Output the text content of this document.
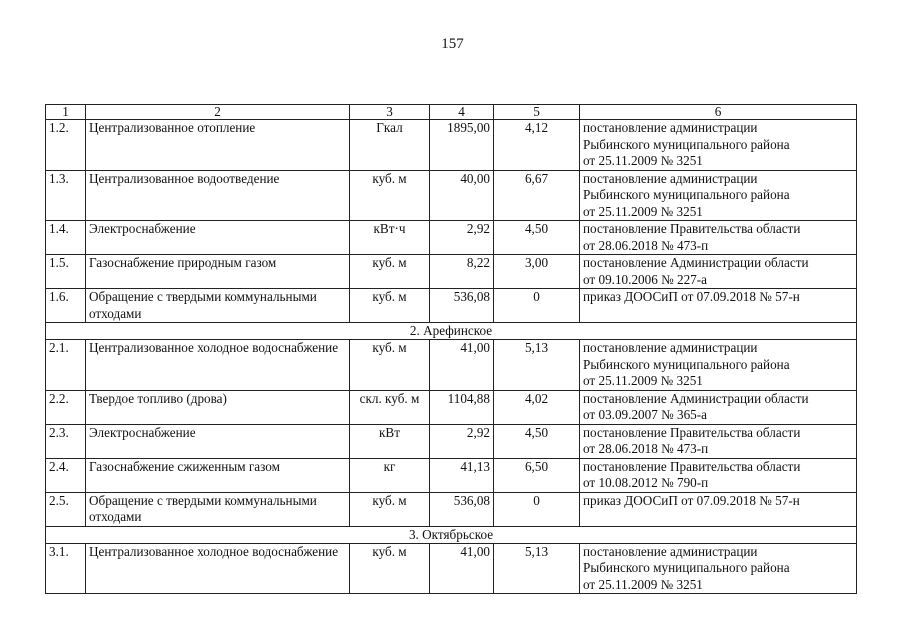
157
1	2	3	4	5	6
1.2.	Централизованное отопление	Гкал	1895,00	4,12	постановление администрации
Рыбинского муниципального района
от 25.11.2009 № 3251

1.3.	Централизованное водоотведение	куб. м	40,00	6,67	постановление администрации
Рыбинского муниципального района
от 25.11.2009 № 3251

1.4.	Электроснабжение	кВт·ч	2,92	4,50	постановление Правительства области
от 28.06.2018 № 473-п

1.5.	Газоснабжение природным газом	куб. м	8,22	3,00	постановление Администрации области
от 09.10.2006 № 227-а

1.6.	Обращение с твердыми коммунальными отходами	куб. м	536,08	0	приказ ДООСиП от 07.09.2018 № 57-н

2. Арефинское					
2.1.	Централизованное холодное водоснабжение	куб. м	41,00	5,13	постановление администрации
Рыбинского муниципального района
от 25.11.2009 № 3251

2.2.	Твердое топливо (дрова)	скл. куб. м	1104,88	4,02	постановление Администрации области
от 03.09.2007 № 365-а

2.3.	Электроснабжение	кВт	2,92	4,50	постановление Правительства области
от 28.06.2018 № 473-п

2.4.	Газоснабжение сжиженным газом	кг	41,13	6,50	постановление Правительства области
от 10.08.2012 № 790-п

2.5.	Обращение с твердыми коммунальными отходами	куб. м	536,08	0	приказ ДООСиП от 07.09.2018 № 57-н

3. Октябрьское					
3.1.	Централизованное холодное водоснабжение	куб. м	41,00	5,13	постановление администрации
Рыбинского муниципального района
от 25.11.2009 № 3251
